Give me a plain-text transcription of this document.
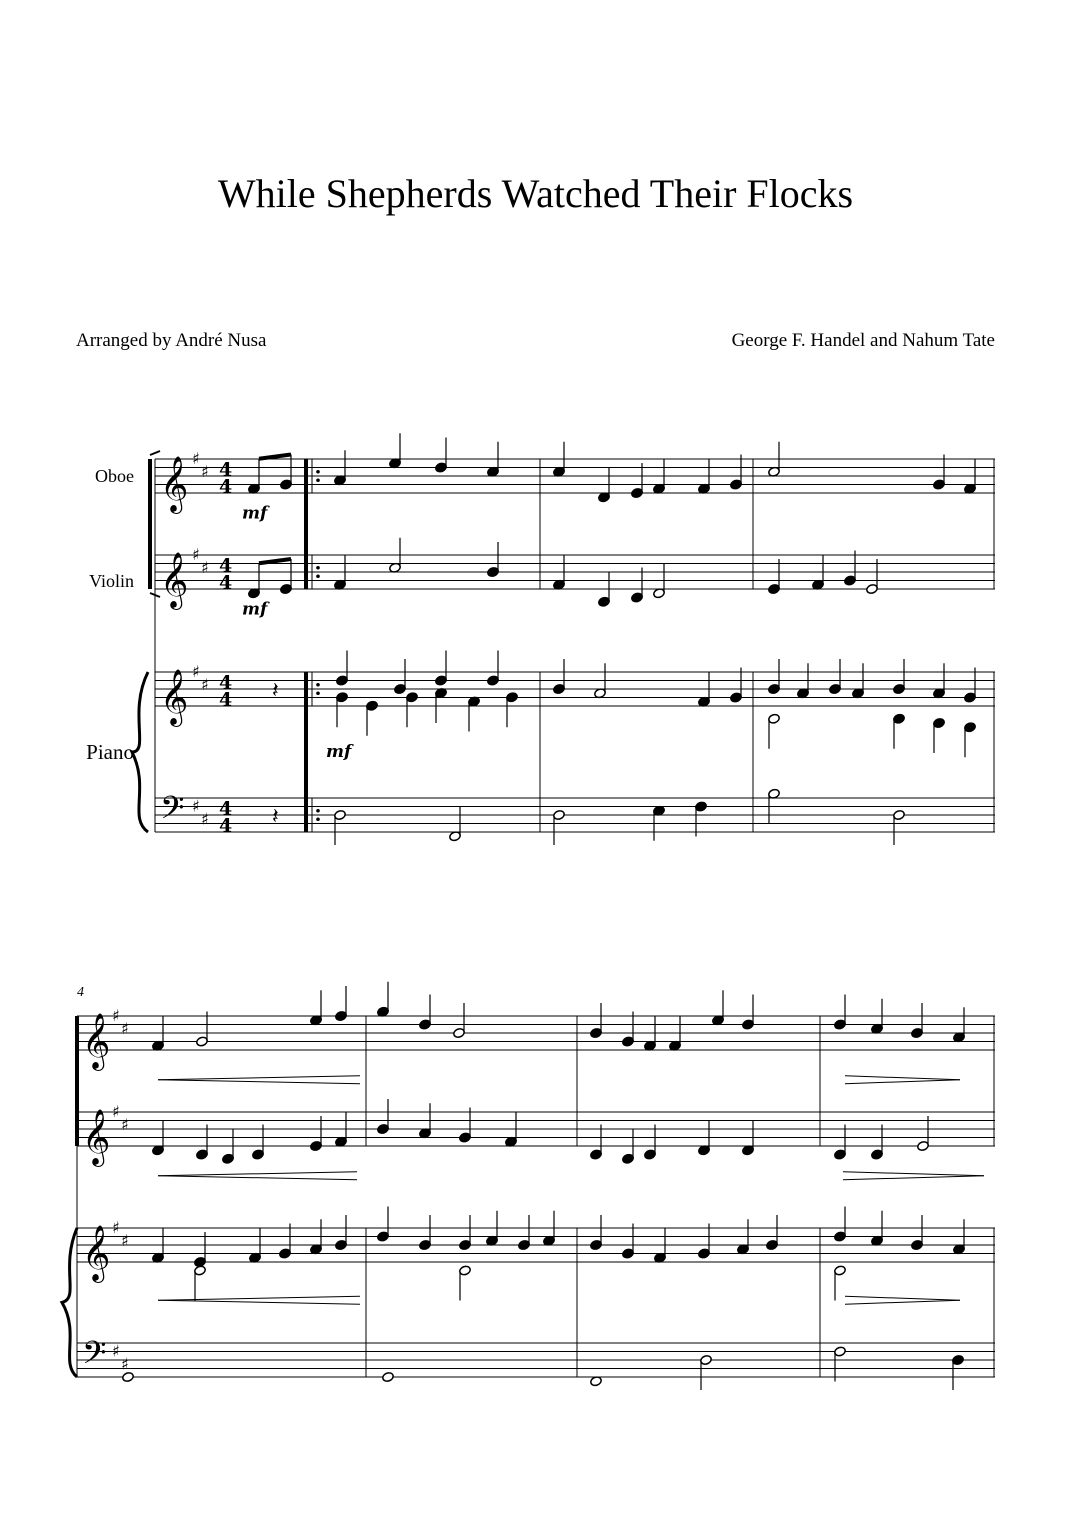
While Shepherds Watched Their Flocks
Arranged by André Nusa	George F. Handel and Nahum Tate
Oboe
Violin
Piano
𝄞
𝄞
𝄞
𝄢
♯
♯
♯
♯
♯
♯
♯
♯
4
4
4
4
4
4
4
4
mf
mf
𝄽
𝄽
mf
4
𝄞
𝄞
𝄞
𝄢
♯
♯
♯
♯
♯
♯
♯
♯
